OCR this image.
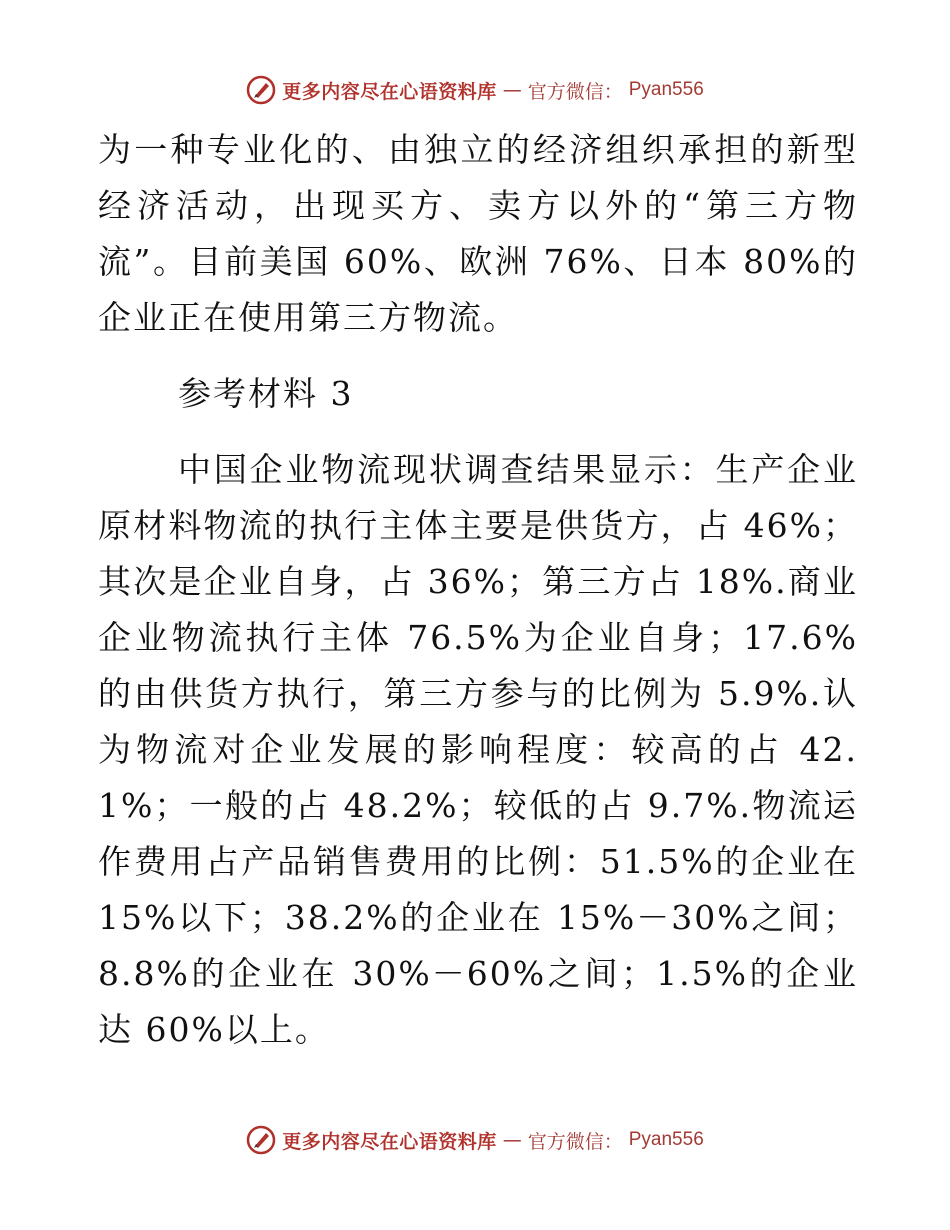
更多内容尽在心语资料库 — 官方微信： Pyan556

为一种专业化的、由独立的经济组织承担的新型经济活动，出现买方、卖方以外的“第三方物流”。目前美国 60%、欧洲 76%、日本 80%的企业正在使用第三方物流。

参考材料 3

中国企业物流现状调查结果显示：生产企业原材料物流的执行主体主要是供货方，占 46%；其次是企业自身，占 36%；第三方占 18%.商业企业物流执行主体 76.5%为企业自身；17.6%的由供货方执行，第三方参与的比例为 5.9%.认为物流对企业发展的影响程度：较高的占 42.1%；一般的占 48.2%；较低的占 9.7%.物流运作费用占产品销售费用的比例：51.5%的企业在 15%以下；38.2%的企业在 15%－30%之间；8.8%的企业在 30%－60%之间；1.5%的企业达 60%以上。

更多内容尽在心语资料库 — 官方微信： Pyan556
